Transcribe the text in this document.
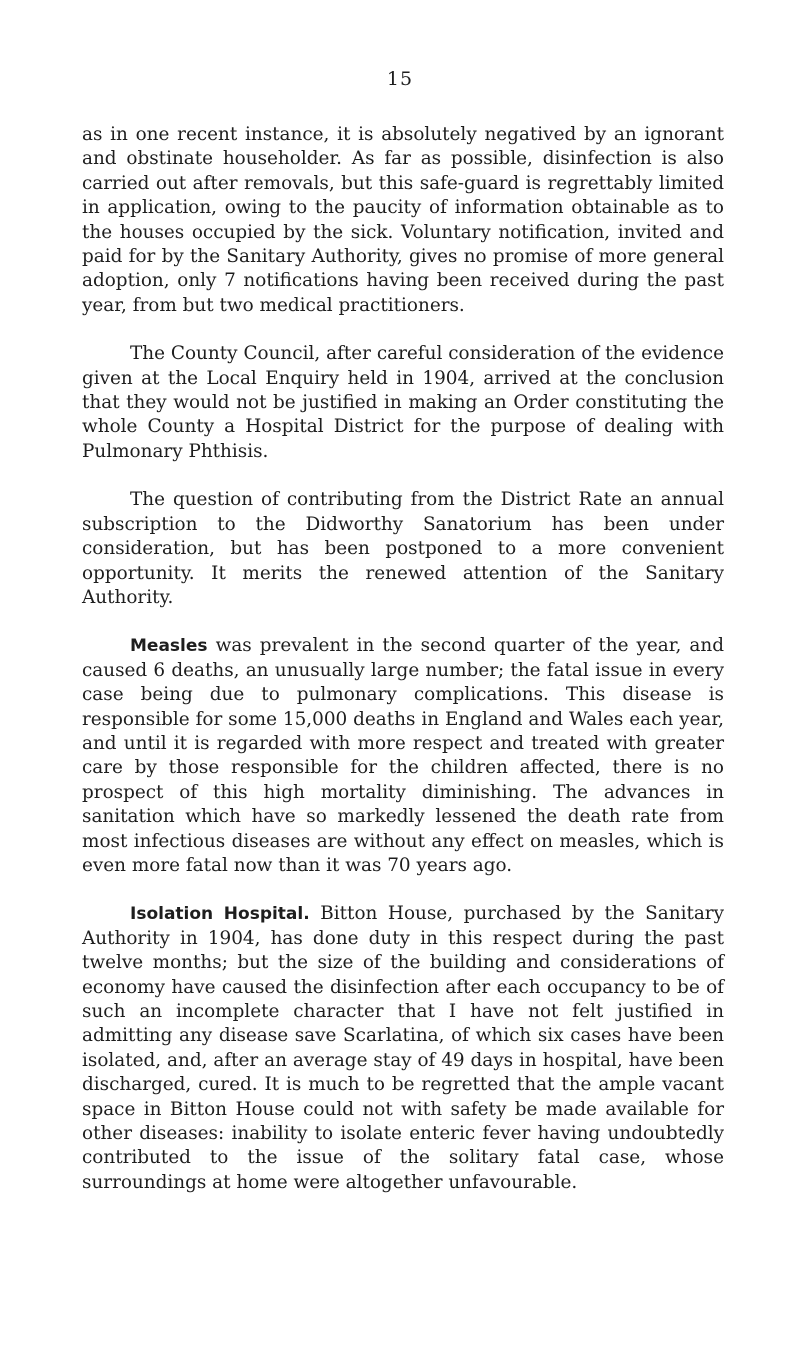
15

as in one recent instance, it is absolutely negatived by an ignorant and obstinate householder. As far as possible, disinfection is also carried out after removals, but this safe-guard is regrettably limited in application, owing to the paucity of information obtainable as to the houses occupied by the sick. Voluntary notification, invited and paid for by the Sanitary Authority, gives no promise of more general adoption, only 7 notifications having been received during the past year, from but two medical practitioners.

The County Council, after careful consideration of the evidence given at the Local Enquiry held in 1904, arrived at the conclusion that they would not be justified in making an Order constituting the whole County a Hospital District for the purpose of dealing with Pulmonary Phthisis.

The question of contributing from the District Rate an annual subscription to the Didworthy Sanatorium has been under consideration, but has been postponed to a more convenient opportunity. It merits the renewed attention of the Sanitary Authority.

Measles was prevalent in the second quarter of the year, and caused 6 deaths, an unusually large number; the fatal issue in every case being due to pulmonary complications. This disease is responsible for some 15,000 deaths in England and Wales each year, and until it is regarded with more respect and treated with greater care by those responsible for the children affected, there is no prospect of this high mortality diminishing. The advances in sanitation which have so markedly lessened the death rate from most infectious diseases are without any effect on measles, which is even more fatal now than it was 70 years ago.

Isolation Hospital. Bitton House, purchased by the Sanitary Authority in 1904, has done duty in this respect during the past twelve months; but the size of the building and considerations of economy have caused the disinfection after each occupancy to be of such an incomplete character that I have not felt justified in admitting any disease save Scarlatina, of which six cases have been isolated, and, after an average stay of 49 days in hospital, have been discharged, cured. It is much to be regretted that the ample vacant space in Bitton House could not with safety be made available for other diseases: inability to isolate enteric fever having undoubtedly contributed to the issue of the solitary fatal case, whose surroundings at home were altogether unfavourable.
